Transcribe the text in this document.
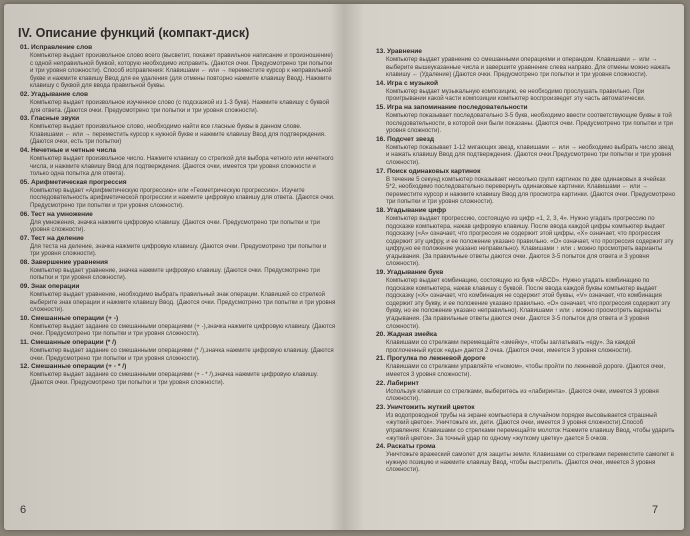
IV. Описание функций (компакт-диск)
01. Исправление слов
Компьютер выдает произвольное слово всего (высветит, покажет правильное написание и произношение) с одной неправильной буквой, которую необходимо исправить. (Даются очки. Предусмотрено три попытки и три уровня сложности). Способ исправления: Клавишами ← или → переместите курсор к неправильной букве и нажмите клавишу Ввод для ее удаления (для отмены повторно нажмите клавишу Ввод). Нажмите клавишу с буквой для ввода правильной буквы.
02. Угадывание слов
Компьютер выдает произвольное изученное слово (с подсказкой из 1-3 букв). Нажмите клавишу с буквой для ответа. (Даются очки. Предусмотрено три попытки и три уровня сложности).
03. Гласные звуки
Компьютер выдает произвольное слово, необходимо найти все гласные буквы в данном слове. Клавишами ← или → переместить курсор к нужной букве и нажмите клавишу Ввод для подтверждения. (Даются очки, есть три попытки)
04. Нечетные и четные числа
Компьютер выдает произвольное число. Нажмите клавишу со стрелкой для выбора четного или нечетного числа, и нажмите клавишу Ввод для подтверждения. (Даются очки, имеется три уровня сложности и только одна попытка для ответа).
05. Арифметическая прогрессия
Компьютер выдает «Арифметическую прогрессию» или «Геометрическую прогрессию». Изучите последовательность арифметической прогрессии и нажмите цифровую клавишу для ответа. (Даются очки. Предусмотрено три попытки и три уровня сложности).
06. Тест на умножение
Для умножения, значка нажмите цифровую клавишу. (Даются очки. Предусмотрено три попытки и три уровня сложности).
07. Тест на деление
Для теста на деление, значка нажмите цифровую клавишу. (Даются очки. Предусмотрено три попытки и три уровня сложности).
08. Завершение уравнения
Компьютер выдает уравнение, значка нажмите цифровую клавишу. (Даются очки. Предусмотрено три попытки и три уровня сложности).
09. Знак операции
Компьютер выдает уравнение, необходимо выбрать правильный знак операции. Клавишей со стрелкой выберите знак операции и нажмите клавишу Ввод. (Даются очки. Предусмотрено три попытки и три уровня сложности).
10. Смешанные операции (+ -)
Компьютер выдает задание со смешанными операциями (+ -),значка нажмите цифровую клавишу. (Даются очки. Предусмотрено три попытки и три уровня сложности).
11. Смешанные операции (* /)
Компьютер выдает задание со смешанными операциями (* /),значка нажмите цифровую клавишу. (Даются очки. Предусмотрено три попытки и три уровня сложности).
12. Смешанные операции (+ - * /)
Компьютер выдает задание со смешанными операциями (+ - * /),значка нажмите цифровую клавишу. (Даются очки. Предусмотрено три попытки и три уровня сложности).
6
13. Уравнение
Компьютер выдает уравнение со смешанными операциями и операндом. Клавишами ← или → выберите вышеуказанные числа и завершите уравнение слева направо. Для отмены можно нажать клавишу ← (Удаление) (Даются очки. Предусмотрено три попытки и три уровня сложности).
14. Игра с музыкой
Компьютер выдает музыкальную композицию, ее необходимо прослушать правильно. При проигрывании какой части композиции компьютер воспроизведет эту часть автоматически.
15. Игра на запоминание последовательности
Компьютер показывает последовательно 3-5 букв, необходимо ввести соответствующие буквы в той последовательности, в которой они были показаны. (Даются очки. Предусмотрено три попытки и три уровня сложности).
16. Подсчет звезд
Компьютер показывает 1-12 мигающих звезд, клавишами ← или → необходимо выбрать число звезд и нажать клавишу Ввод для подтверждения. (Даются очки.Предусмотрено три попытки и три уровня сложности).
17. Поиск одинаковых картинок
В течение 5 секунд компьютер показывает несколько групп картинок по две одинаковых в ячейках 5*2, необходимо последовательно перевернуть одинаковые картинки. Клавишами ← или → переместите курсор и нажмите клавишу Ввод для просмотра картинки. (Даются очки. Предусмотрено три попытки и три уровня сложности).
18. Угадывание цифр
Компьютер выдает прогрессию, состоящую из цифр «1, 2, 3, 4». Нужно угадать прогрессию по подсказке компьютера, нажав цифровую клавишу. После ввода каждой цифры компьютер выдает подсказку («A» означает, что прогрессия не содержит этой цифры, «X» означает, что прогрессия содержит эту цифру, и ее положение указано правильно. «O» означает, что прогрессия содержит эту цифру,но ее положение указано неправильно). Клавишами ↑ или ↓ можно просмотреть варианты угадывания. (За правильные ответы даются очки. Даются 3-5 попыток для ответа и 3 уровня сложности).
19. Угадывание букв
Компьютер выдает комбинацию, состоящую из букв «ABCD». Нужно угадать комбинацию по подсказке компьютера, нажав клавишу с буквой. После ввода каждой буквы компьютер выдает подсказку («X» означает, что комбинация не содержит этой буквы, «V» означает, что комбинация содержит эту букву, и ее положение указано правильно. «O» означает, что прогрессия содержит эту букву, но ее положение указано неправильно). Клавишами ↑ или ↓ можно просмотреть варианты угадывания. (За правильные ответы даются очки. Даются 3-5 попыток для ответа и 3 уровня сложности).
20. Жадная змейка
Клавишами со стрелками перемещайте «змейку», чтобы заглатывать «еду». За каждой проглоченный кусок «еды» дается 2 очка. (Даются очки, имеется 3 уровня сложности).
21. Прогулка по лежневой дороге
Клавишами со стрелками управляйте «гномом», чтобы пройти по лежневой дороге. (Даются очки, имеется 3 уровня сложности).
22. Лабиринт
Используя клавиши со стрелками, выберитесь из «лабиринта». (Даются очки, имеется 3 уровня сложности).
23. Уничтожить жуткий цветок
Из водопроводной трубы на экране компьютера в случайном порядке высовывается страшный «жуткий цветок». Уничтожьте их, дети. (Даются очки, имеется 3 уровня сложности).Способ управления: Клавишами со стрелками перемещайте молоток Нажмите клавишу Ввод, чтобы ударить «жуткий цветок». За точный удар по одному «жуткому цветку» дается 5 очков.
24. Раскаты грома
Уничтожьте вражеский самолет для защиты земли. Клавишами со стрелками переместите самолет в нужную позицию и нажмите клавишу Ввод, чтобы выстрелить. (Даются очки, имеется 3 уровня сложности).
7
